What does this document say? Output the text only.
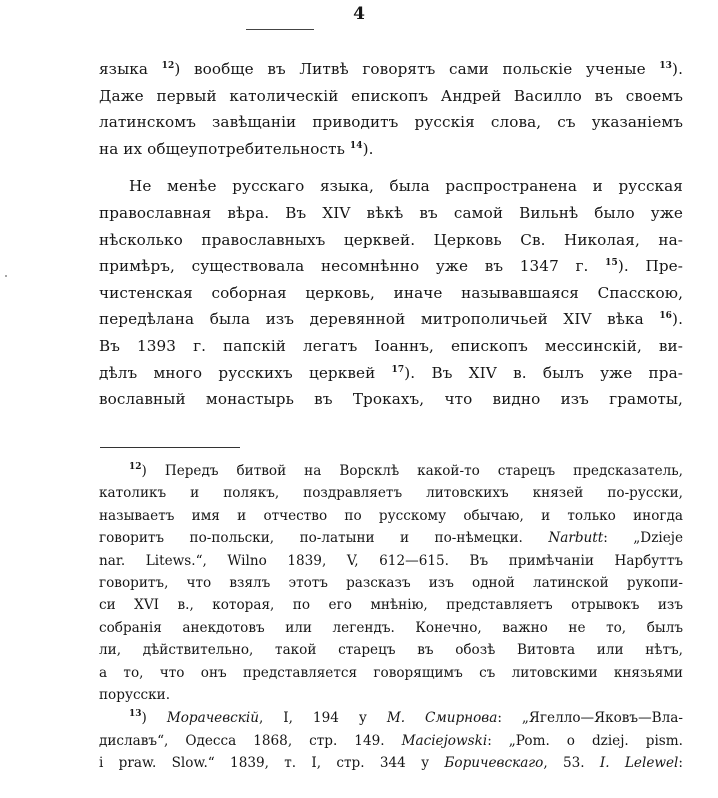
4
языка $^{12}$) вообще въ Литвѣ говорятъ сами польскіе ученые $^{13}$).
Даже первый католическій епископъ Андрей Василло въ своемъ
латинскомъ завѣщаніи приводитъ русскія слова, съ указаніемъ
на их общеупотребительность $^{14}$).
Не менѣе русскаго языка, была распространена и русская
православная вѣра. Въ XIV вѣкѣ въ самой Вильнѣ было уже
нѣсколько православныхъ церквей. Церковь Св. Николая, на-
примѣръ, существовала несомнѣнно уже въ 1347 г. $^{15}$). Пре-
чистенская соборная церковь, иначе называвшаяся Спасскою,
передѣлана была изъ деревянной митрополичьей XIV вѣка $^{16}$).
Въ 1393 г. папскій легатъ Іоаннъ, епископъ мессинскій, ви-
дѣлъ много русскихъ церквей $^{17}$). Въ XIV в. былъ уже пра-
вославный монастырь въ Трокахъ, что видно изъ грамоты,
$^{12}$) Передъ битвой на Ворсклѣ какой-то старецъ предсказатель,
католикъ и полякъ, поздравляетъ литовскихъ князей по-русски,
называетъ имя и отчество по русскому обычаю, и только иногда
говоритъ по-польски, по-латыни и по-нѣмецки. Narbutt: „Dzieje
nar. Litews.“, Wilno 1839, V, 612—615. Въ примѣчаніи Нарбуттъ
говоритъ, что взялъ этотъ разсказъ изъ одной латинской рукопи-
си XVI в., которая, по его мнѣнію, представляетъ отрывокъ изъ
собранія анекдотовъ или легендъ. Конечно, важно не то, былъ
ли, дѣйствительно, такой старецъ въ обозѣ Витовта или нѣтъ,
а то, что онъ представляется говорящимъ съ литовскими князьями
порусски.
$^{13}$) Морачевскій, I, 194 у М. Смирнова: „Ягелло—Яковъ—Вла-
диславъ“, Одесса 1868, стр. 149. Maciejowski: „Pom. o dziej. pism.
i praw. Slow.“ 1839, т. I, стр. 344 у Боричевскаго, 53. I. Lelewel:
